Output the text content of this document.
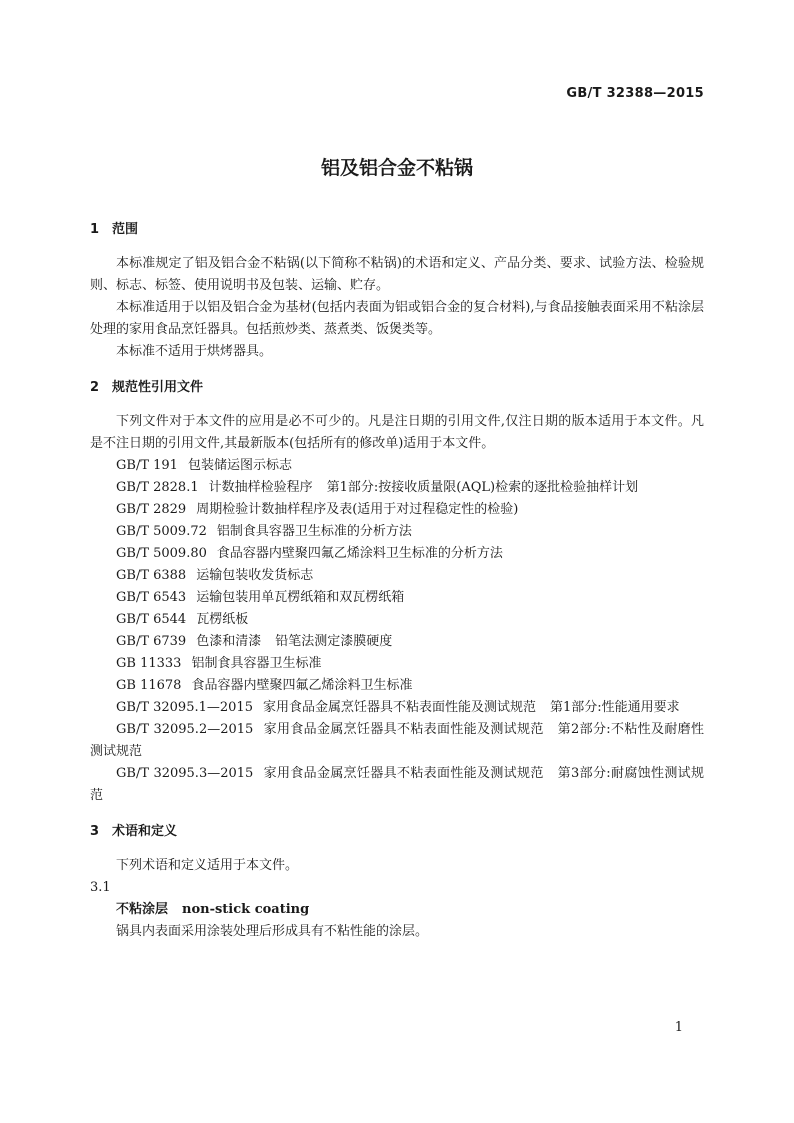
GB/T 32388—2015
铝及铝合金不粘锅
1 范围

本标准规定了铝及铝合金不粘锅(以下简称不粘锅)的术语和定义、产品分类、要求、试验方法、检验规则、标志、标签、使用说明书及包装、运输、贮存。

本标准适用于以铝及铝合金为基材(包括内表面为铝或铝合金的复合材料),与食品接触表面采用不粘涂层处理的家用食品烹饪器具。包括煎炒类、蒸煮类、饭煲类等。

本标准不适用于烘烤器具。

2 规范性引用文件

下列文件对于本文件的应用是必不可少的。凡是注日期的引用文件,仅注日期的版本适用于本文件。凡是不注日期的引用文件,其最新版本(包括所有的修改单)适用于本文件。

GB/T 191 包装储运图示标志
GB/T 2828.1 计数抽样检验程序 第1部分:按接收质量限(AQL)检索的逐批检验抽样计划
GB/T 2829 周期检验计数抽样程序及表(适用于对过程稳定性的检验)
GB/T 5009.72 铝制食具容器卫生标准的分析方法
GB/T 5009.80 食品容器内壁聚四氟乙烯涂料卫生标准的分析方法
GB/T 6388 运输包装收发货标志
GB/T 6543 运输包装用单瓦楞纸箱和双瓦楞纸箱
GB/T 6544 瓦楞纸板
GB/T 6739 色漆和清漆 铅笔法测定漆膜硬度
GB 11333 铝制食具容器卫生标准
GB 11678 食品容器内壁聚四氟乙烯涂料卫生标准
GB/T 32095.1—2015 家用食品金属烹饪器具不粘表面性能及测试规范 第1部分:性能通用要求
GB/T 32095.2—2015 家用食品金属烹饪器具不粘表面性能及测试规范 第2部分:不粘性及耐磨性测试规范
GB/T 32095.3—2015 家用食品金属烹饪器具不粘表面性能及测试规范 第3部分:耐腐蚀性测试规范
3 术语和定义

下列术语和定义适用于本文件。

3.1
不粘涂层 non-stick coating

锅具内表面采用涂装处理后形成具有不粘性能的涂层。

1
